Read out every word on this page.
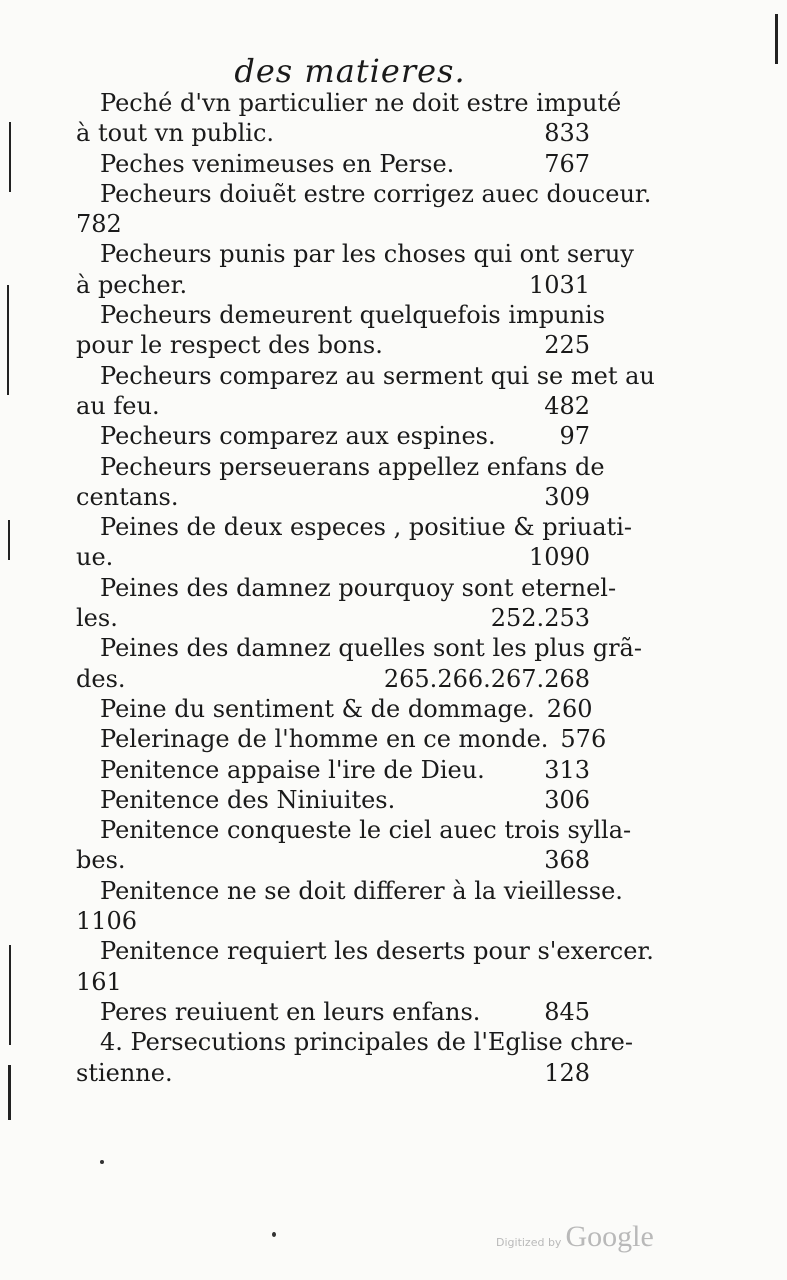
des matieres.
Peché d'vn particulier ne doit estre imputé
à tout vn public.	833
Peches venimeuses en Perse.	767
Pecheurs doiuẽt estre corrigez auec douceur.
782
Pecheurs punis par les choses qui ont seruy
à pecher.	1031
Pecheurs demeurent quelquefois impunis
pour le respect des bons.	225
Pecheurs comparez au serment qui se met au
au feu.	482
Pecheurs comparez aux espines.	97
Pecheurs perseuerans appellez enfans de
centans.	309
Peines de deux especes , positiue & priuati-
ue.	1090
Peines des damnez pourquoy sont eternel-
les.	252.253
Peines des damnez quelles sont les plus grã-
des.	265.266.267.268
Peine du sentiment & de dommage. 260
Pelerinage de l'homme en ce monde. 576
Penitence appaise l'ire de Dieu. 313
Penitence des Niniuites.	306
Penitence conqueste le ciel auec trois sylla-
bes.	368
Penitence ne se doit differer à la vieillesse.
1106
Penitence requiert les deserts pour s'exercer.
161
Peres reuiuent en leurs enfans.	845
4. Persecutions principales de l'Eglise chre-
stienne.	128
Digitized by Google
